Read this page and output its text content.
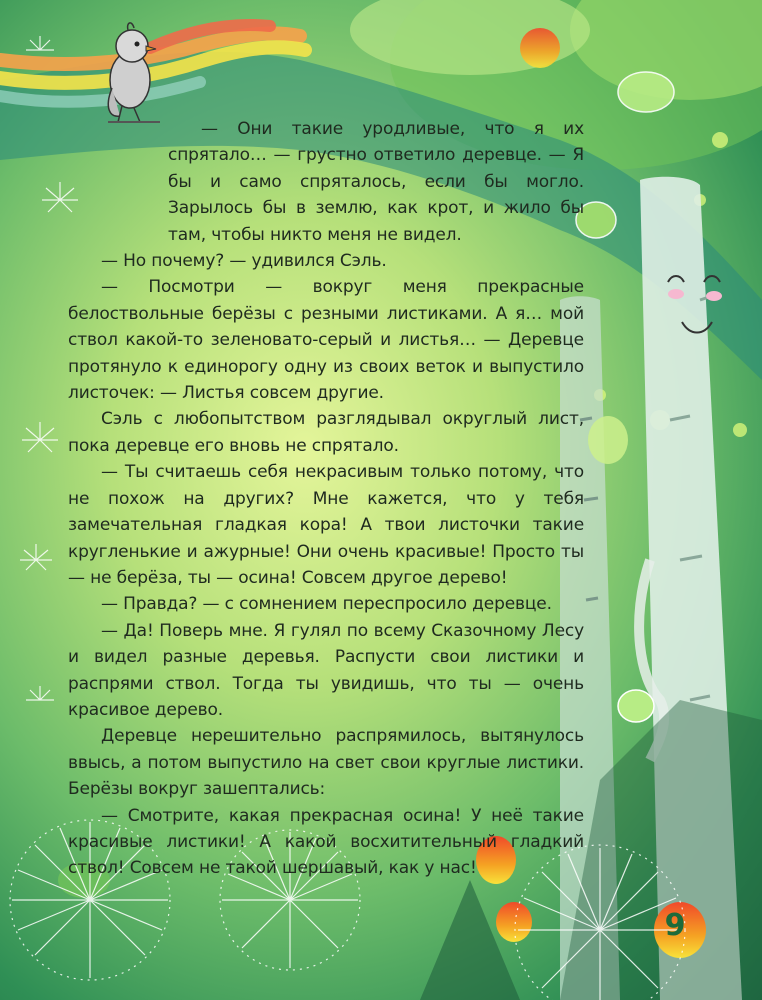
— Они такие уродливые, что я их спрятало… — грустно ответило деревце. — Я бы и само спряталось, если бы могло. Зарылось бы в землю, как крот, и жило бы там, чтобы никто меня не видел.

— Но почему? — удивился Сэль.

— Посмотри — вокруг меня прекрасные белоствольные берёзы с резными листиками. А я… мой ствол какой-то зеленовато-серый и листья… — Деревце протянуло к единорогу одну из своих веток и выпустило листочек: — Листья совсем другие.

Сэль с любопытством разглядывал округлый лист, пока деревце его вновь не спрятало.

— Ты считаешь себя некрасивым только потому, что не похож на других? Мне кажется, что у тебя замечательная гладкая кора! А твои листочки такие кругленькие и ажурные! Они очень красивые! Просто ты — не берёза, ты — осина! Совсем другое дерево!

— Правда? — с сомнением переспросило деревце.

— Да! Поверь мне. Я гулял по всему Сказочному Лесу и видел разные деревья. Распусти свои листики и распрями ствол. Тогда ты увидишь, что ты — очень красивое дерево.

Деревце нерешительно распрямилось, вытянулось ввысь, а потом выпустило на свет свои круглые листики. Берёзы вокруг зашептались:

— Смотрите, какая прекрасная осина! У неё такие красивые листики! А какой восхитительный гладкий ствол! Совсем не такой шершавый, как у нас!

9
